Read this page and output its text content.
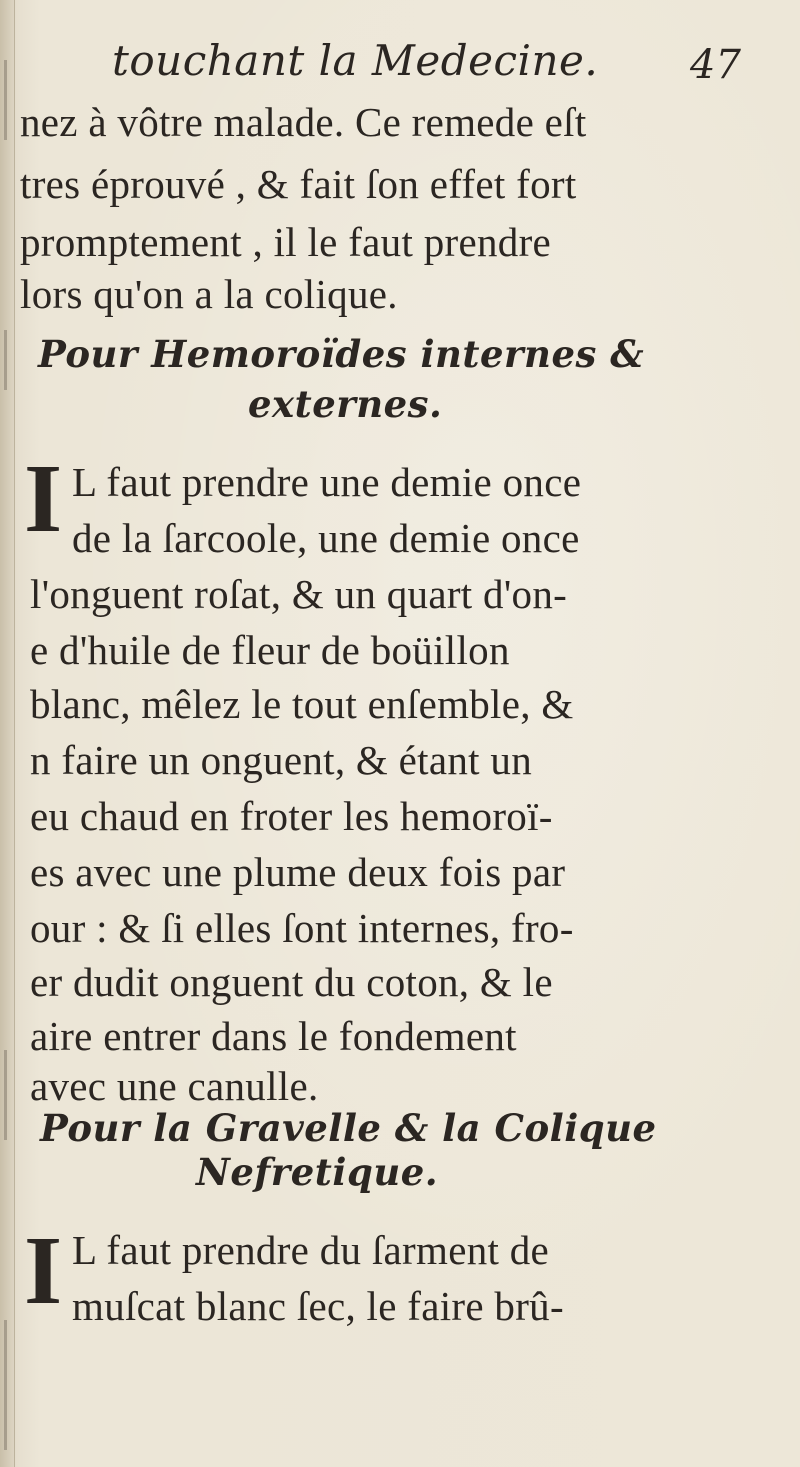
touchant la Medecine. 47
nez à vôtre malade. Ce remede eſt
tres éprouvé , & fait ſon effet fort
promptement , il le faut prendre
lors qu'on a la colique.
Pour Hemoroïdes internes &
externes.
I L faut prendre une demie once
de la ſarcoole, une demie once
l'onguent roſat, & un quart d'on-
e d'huile de fleur de boüillon
blanc, mêlez le tout enſemble, &
n faire un onguent, & étant un
eu chaud en froter les hemoroï-
es avec une plume deux fois par
our : & ſi elles ſont internes, fro-
er dudit onguent du coton, & le
aire entrer dans le fondement
avec une canulle.
Pour la Gravelle & la Colique
Nefretique.
I L faut prendre du ſarment de
muſcat blanc ſec, le faire brû-
